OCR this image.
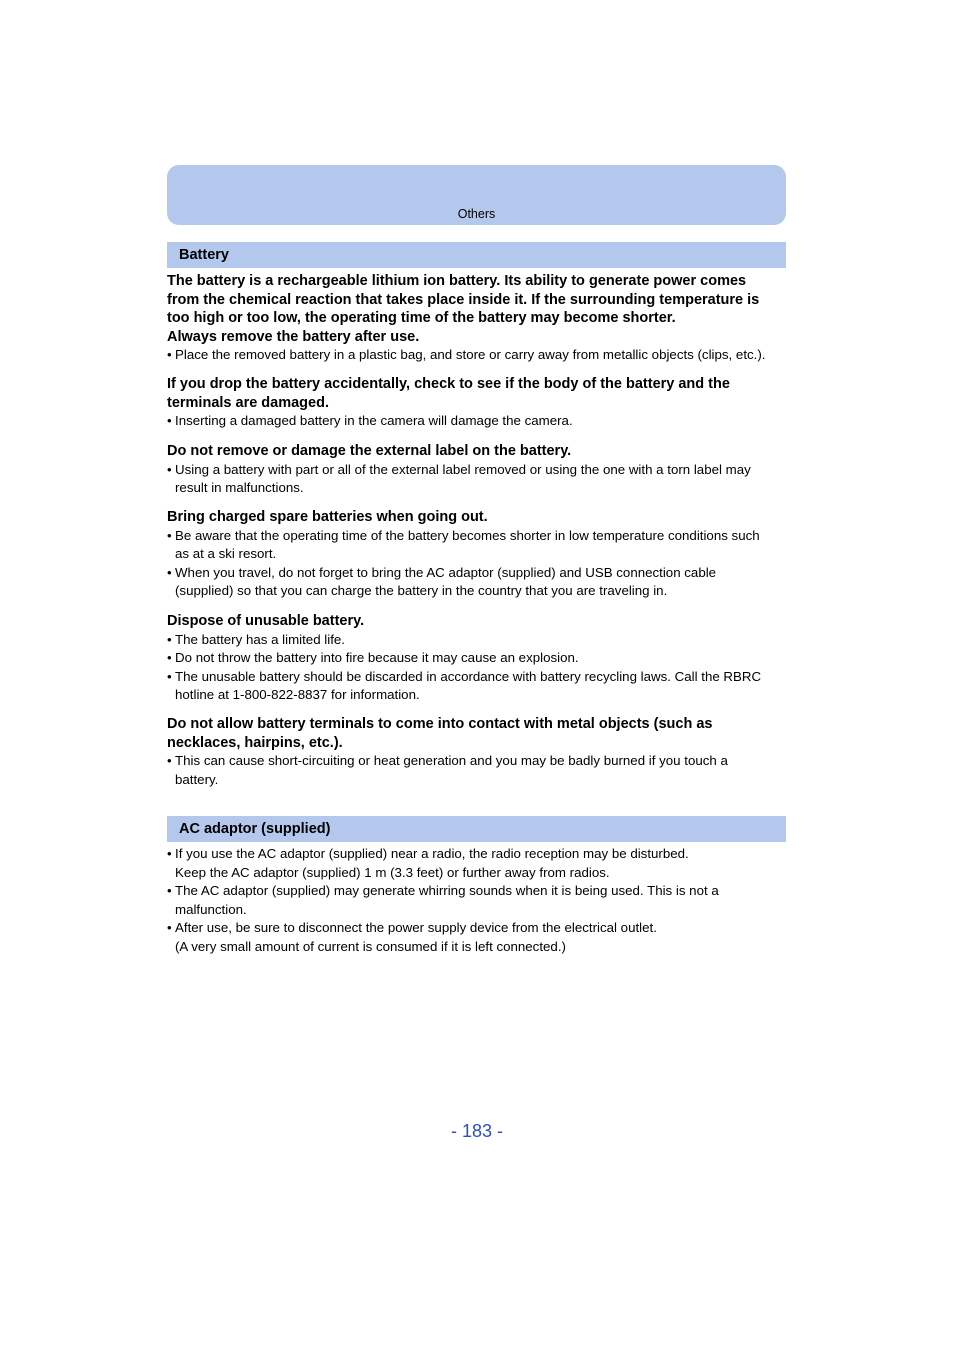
Others
Battery

The battery is a rechargeable lithium ion battery. Its ability to generate power comes

from the chemical reaction that takes place inside it. If the surrounding temperature is

too high or too low, the operating time of the battery may become shorter.

Always remove the battery after use.

• Place the removed battery in a plastic bag, and store or carry away from metallic objects (clips, etc.).

If you drop the battery accidentally, check to see if the body of the battery and the

terminals are damaged.

• Inserting a damaged battery in the camera will damage the camera.

Do not remove or damage the external label on the battery.

• Using a battery with part or all of the external label removed or using the one with a torn label may

result in malfunctions.

Bring charged spare batteries when going out.

• Be aware that the operating time of the battery becomes shorter in low temperature conditions such

as at a ski resort.

• When you travel, do not forget to bring the AC adaptor (supplied) and USB connection cable

(supplied) so that you can charge the battery in the country that you are traveling in.

Dispose of unusable battery.

• The battery has a limited life.

• Do not throw the battery into fire because it may cause an explosion.

• The unusable battery should be discarded in accordance with battery recycling laws. Call the RBRC

hotline at 1-800-822-8837 for information.

Do not allow battery terminals to come into contact with metal objects (such as

necklaces, hairpins, etc.).

• This can cause short-circuiting or heat generation and you may be badly burned if you touch a

battery.

AC adaptor (supplied)

• If you use the AC adaptor (supplied) near a radio, the radio reception may be disturbed.

Keep the AC adaptor (supplied) 1 m (3.3 feet) or further away from radios.

• The AC adaptor (supplied) may generate whirring sounds when it is being used. This is not a

malfunction.

• After use, be sure to disconnect the power supply device from the electrical outlet.

(A very small amount of current is consumed if it is left connected.)

- 183 -
